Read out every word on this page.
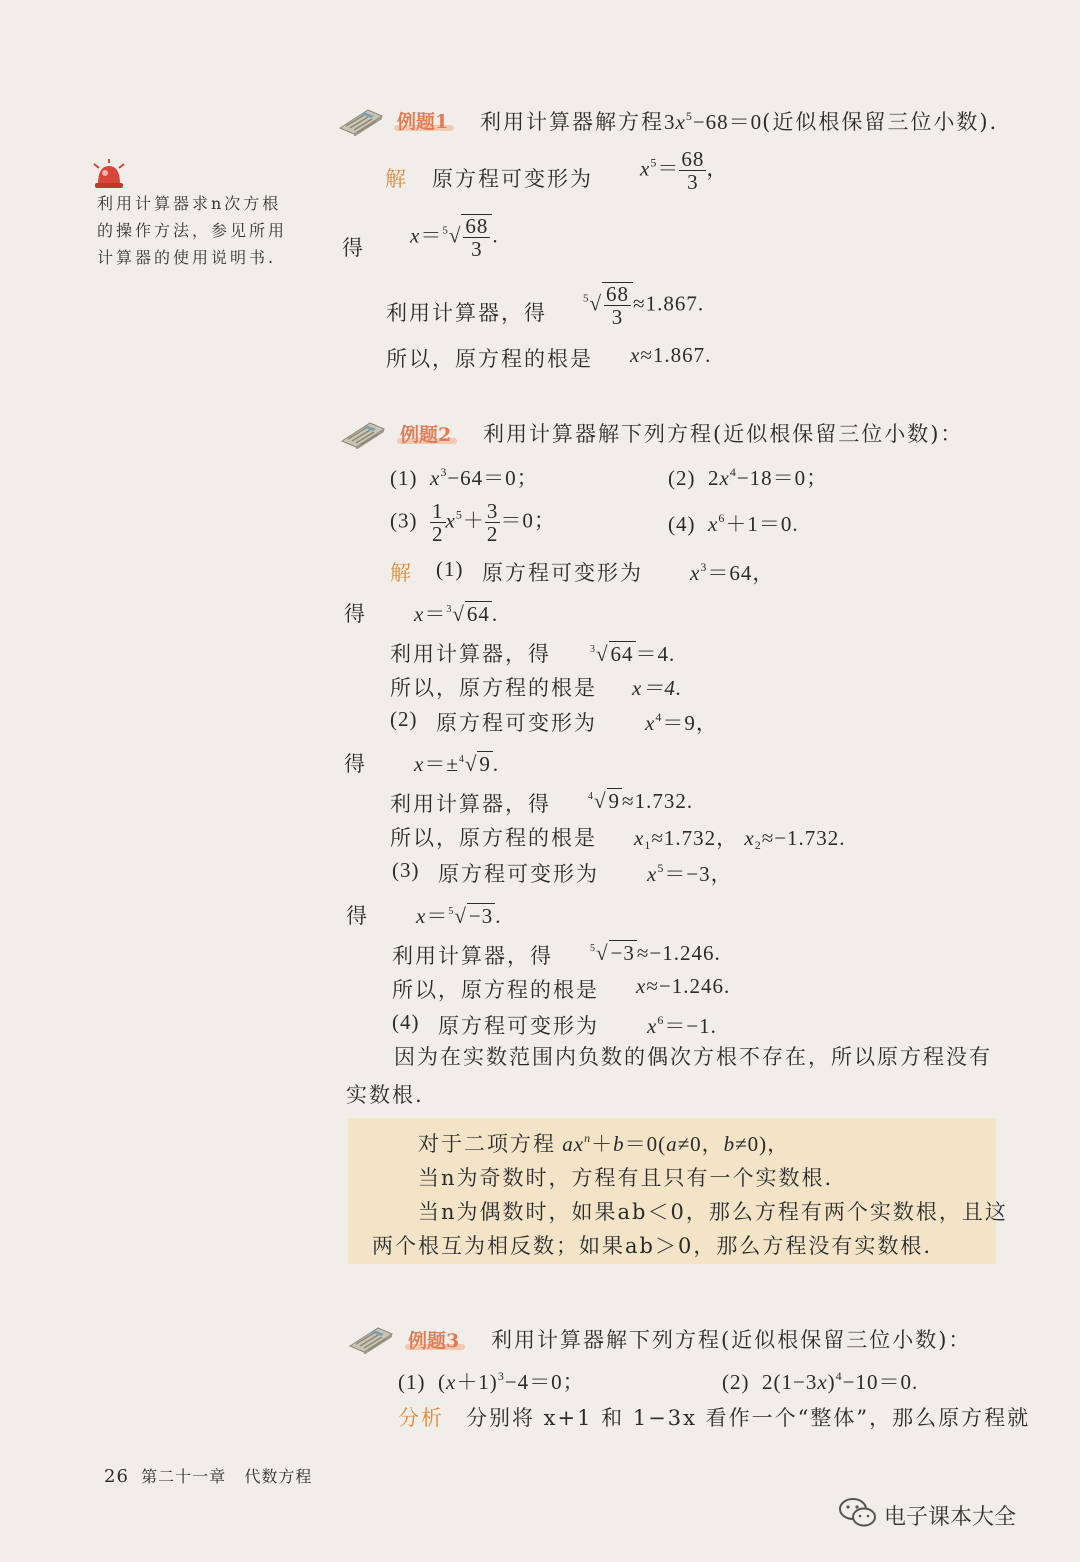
利用计算器求n次方根
的操作方法，参见所用
计算器的使用说明书.
例题1 利用计算器解方程$3x^5-68=0$(近似根保留三位小数).
解 原方程可变形为 $x^5= \frac{68}{3}$ ，
得
$x=^5√ \frac{68}{3}$ .
利用计算器，得
$^5√ \frac{68}{3} \approx 1.867$.
所以，原方程的根是 x≈1.867.
例题2 利用计算器解下列方程(近似根保留三位小数)：
(1) $x^3-64=0$；	(2)  $2x^4-18=0$；
$(3) \frac{1}{2} x^5+ \frac{3}{2} =0$；	(4) $x^6+1=0$.
解 (1) 原方程可变形为 $x^3=64$，
得 x＝$^3$√64.
利用计算器，得	$^3$√64＝4.
所以，原方程的根是 x＝4.
(2) 原方程可变形为 $x^4=9$，
得 x＝±$^4$√9.
利用计算器，得	$^4$√9≈1.732.
所以，原方程的根是 $x_1\approx 1.732$， $x_2\approx-1.732$.
(3) 原方程可变形为 $x^5=-3$，
得 x＝$^5$√−3.
利用计算器，得	$^5$√−3≈−1.246.
所以，原方程的根是 x≈−1.246.
(4) 原方程可变形为 $x^6=-1$.
因为在实数范围内负数的偶次方根不存在，所以原方程没有
实数根.
对于二项方程 $ax^n+b=0(a\ne 0$，b≠0)，
当n为奇数时，方程有且只有一个实数根.
当n为偶数时，如果ab＜0，那么方程有两个实数根，且这
两个根互为相反数；如果ab＞0，那么方程没有实数根.
例题3 利用计算器解下列方程(近似根保留三位小数)：
(1)  $(x+1)^3-4=0$；	(2)  $2(1-3x)^4-10=0$.
分析 分别将 x+1 和 1−3x 看作一个“整体”，那么原方程就
26 第二十一章 代数方程
电子课本大全
